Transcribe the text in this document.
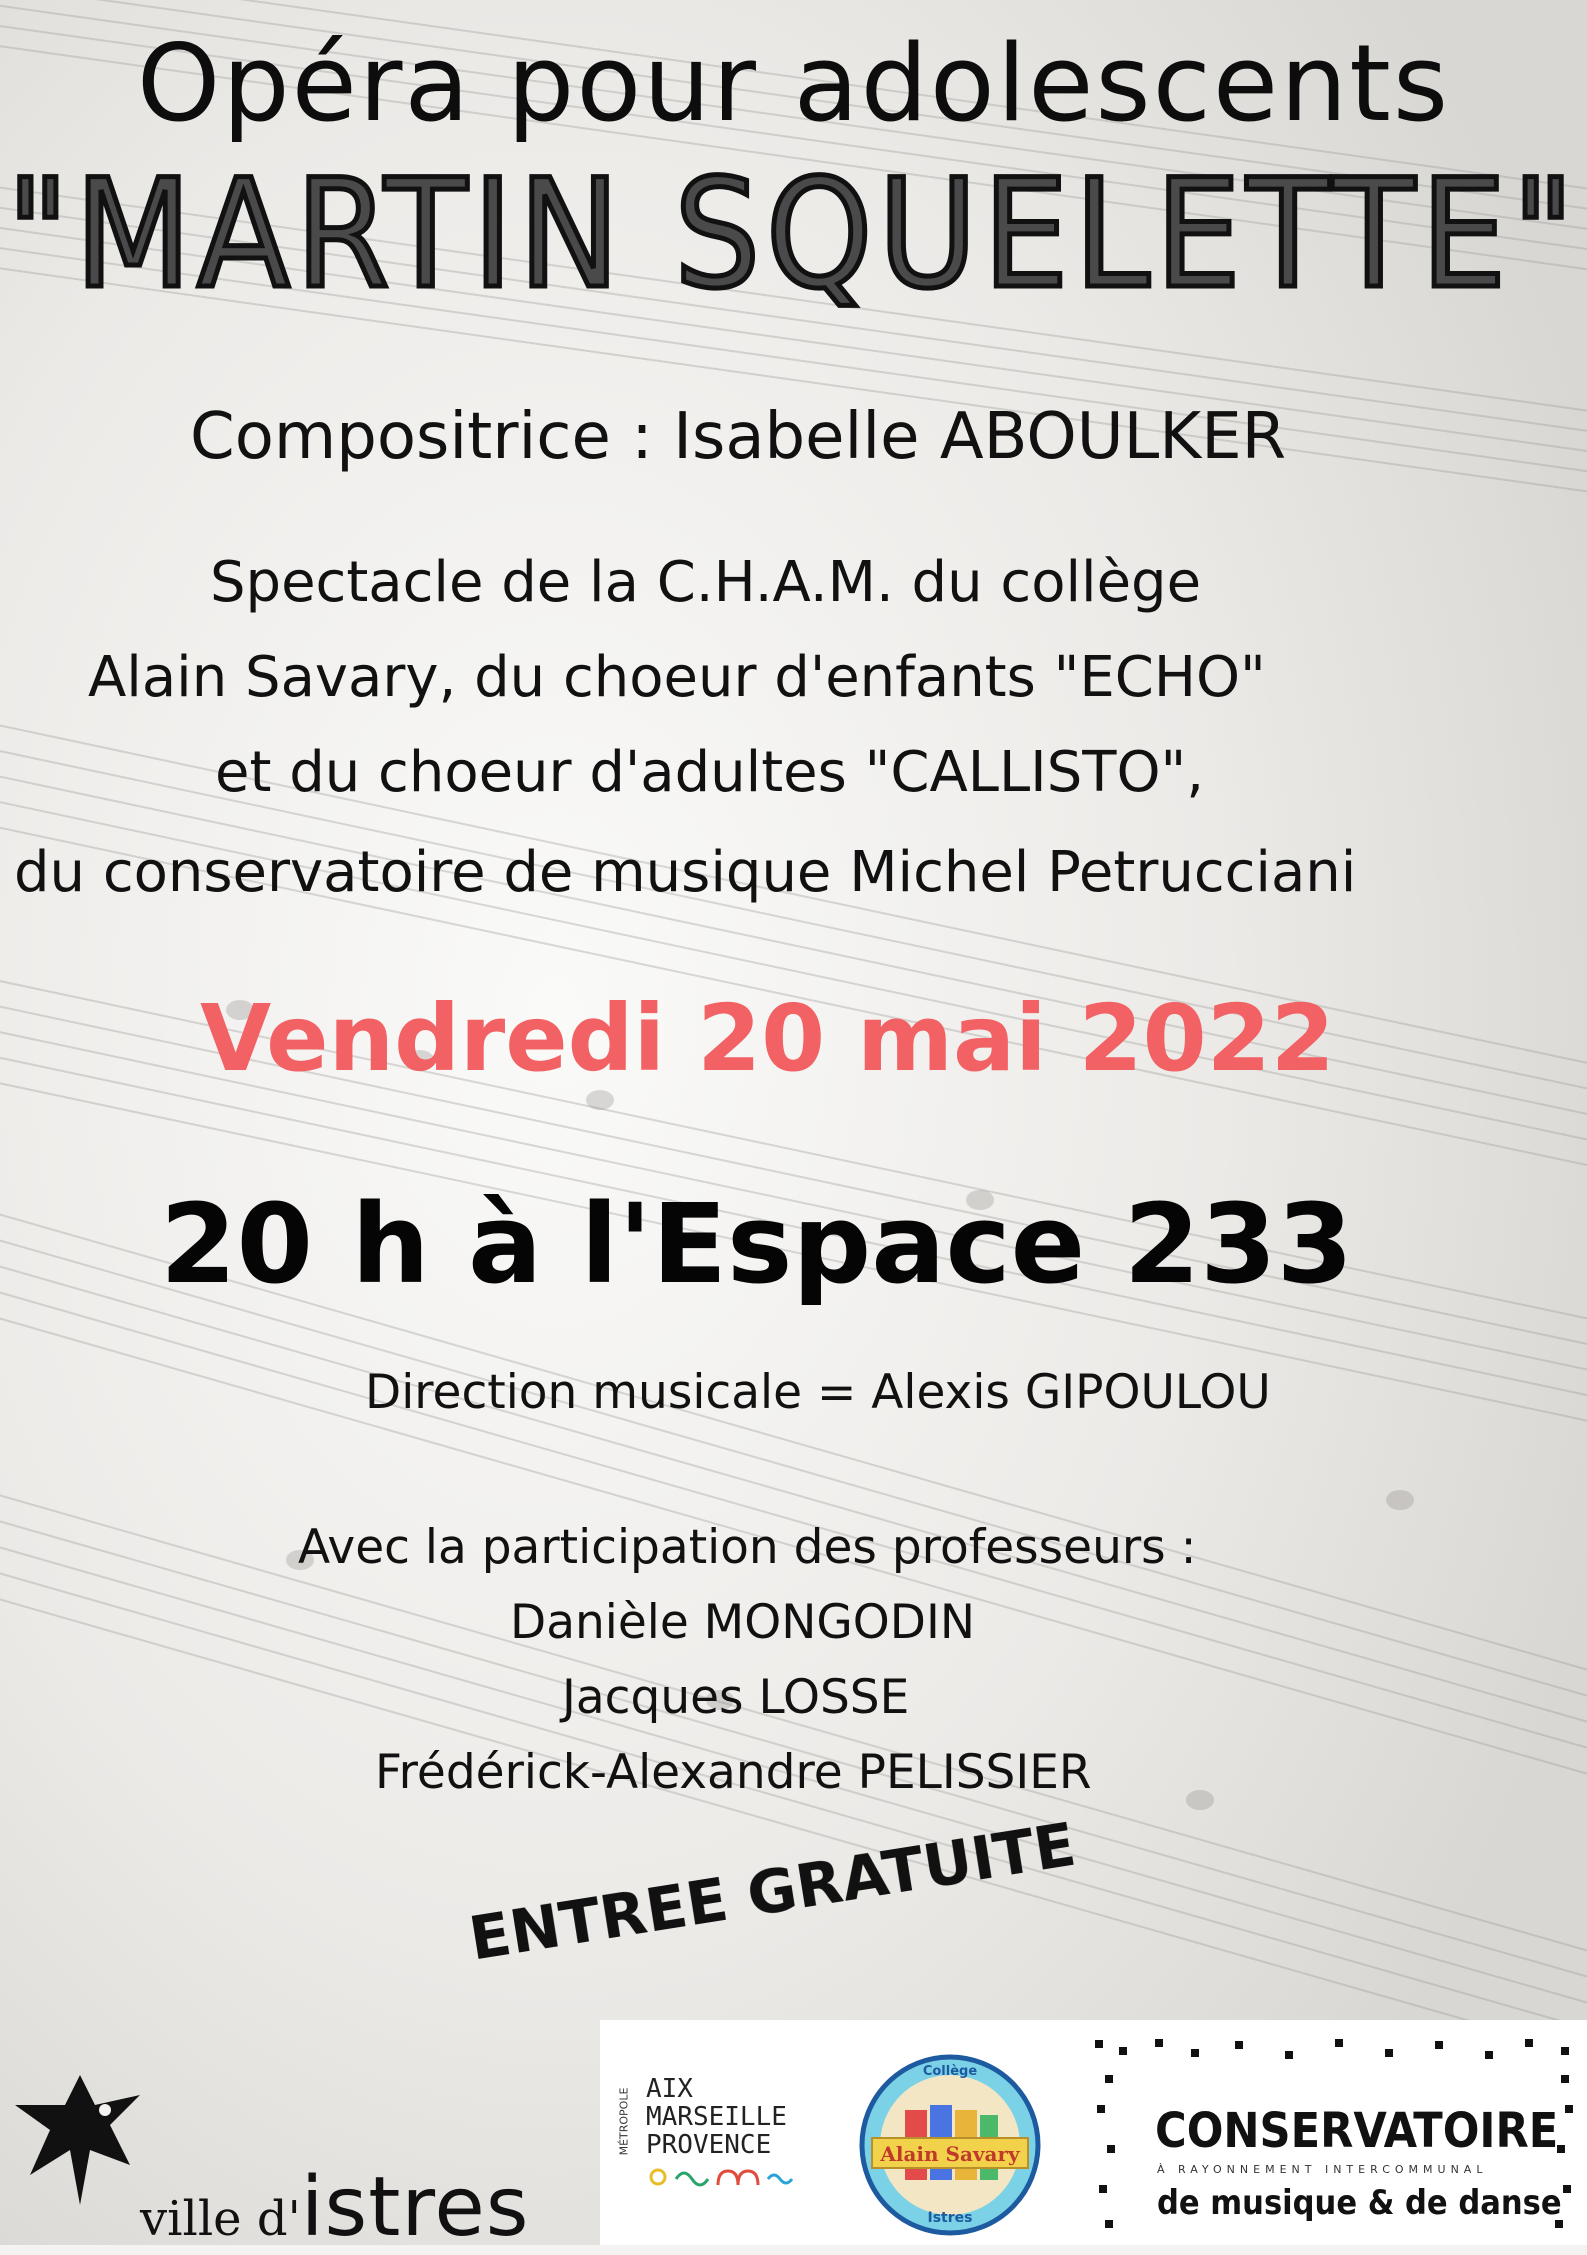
Opéra pour adolescents
"MARTIN SQUELETTE"
Compositrice : Isabelle ABOULKER
Spectacle de la C.H.A.M. du collège
Alain Savary, du choeur d'enfants "ECHO"
et du choeur d'adultes "CALLISTO",
du conservatoire de musique Michel Petrucciani
Vendredi 20 mai 2022
20 h à l'Espace 233
Direction musicale = Alexis GIPOULOU
Avec la participation des professeurs :
Danièle MONGODIN
Jacques LOSSE
Frédérick-Alexandre PELISSIER
ENTREE GRATUITE
ville d'istres
MÉTROPOLE AIX
MARSEILLE
PROVENCE
Collège
Alain Savary
Istres
CONSERVATOIRE
À RAYONNEMENT INTERCOMMUNAL
de musique & de danse
